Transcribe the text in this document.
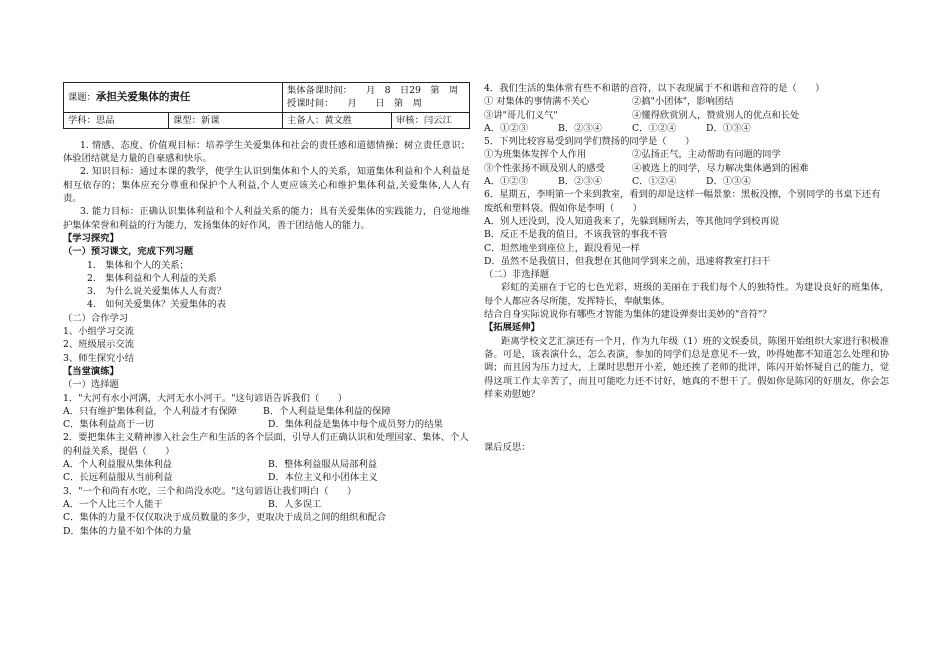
课题：承担关爱集体的责任		集体备课时间：　　月　8　日29　第　周
授课时间：　　月　　日　第　周	

学科：思品	课型：新课	主备人：黄文胜	审核：闫云江

1. 情感、态度、价值观目标：培养学生关爱集体和社会的责任感和道德情操；树立责任意识；体验团结就是力量的自豪感和快乐。

2. 知识目标：通过本课的教学，使学生认识到集体和个人的关系，知道集体利益和个人利益是相互依存的；集体应充分尊重和保护个人利益,个人更应该关心和维护集体利益,关爱集体,人人有责。

3. 能力目标：正确认识集体利益和个人利益关系的能力；具有关爱集体的实践能力，自觉地维护集体荣誉和利益的行为能力，发扬集体的好作风，善于团结他人的能力。

【学习探究】

（一）预习课文，完成下列习题

1.　集体和个人的关系；

2.　集体利益和个人利益的关系

3.　为什么说关爱集体人人有责？

4.　如何关爱集体？关爱集体的表

（二）合作学习

1、小组学习交流

2、班级展示交流

3、师生探究小结

【当堂演练】

（一）选择题

1．"大河有水小河满，大河无水小河干。"这句谚语告诉我们（　　）

A．只有维护集体利益，个人利益才有保障	B．个人利益是集体利益的保障
C．集体利益高于一切	D．集体利益是集体中每个成员努力的结果

2．要把集体主义精神渗入社会生产和生活的各个层面，引导人们正确认识和处理国家、集体、个人的利益关系，提倡（　　）

A．个人利益服从集体利益	B．整体利益服从局部利益
C．长远利益服从当前利益	D．本位主义和小团体主义

3．"一个和尚有水吃，三个和尚没水吃。"这句谚语让我们明白（　　）

A．一个人比三个人能干	B．人多误工

C．集体的力量不仅仅取决于成员数量的多少，更取决于成员之间的组织和配合

D．集体的力量不如个体的力量

4．我们生活的集体常有些不和谐的音符，以下表现属于不和谐和音符的是（　　）

① 对集体的事情满不关心	②搞"小团体"，影响团结
③讲"哥儿们义气"	④懂得欣赏别人，赞赏别人的优点和长处
A．①②③	B．②③④	C．①②④	D．①③④

5．下列比较容易受到同学们赞扬的同学是（　　）

①为班集体发挥个人作用	②弘扬正气，主动帮助有问题的同学
③个性张扬不顾及别人的感受	④被选上的同学，尽力解决集体遇到的困难
A．①②③	B．②③④	C．①②④	D．①③④

6．星期五，李明第一个来到教室，看到的却是这样一幅景象：黑板没擦，个别同学的书桌下还有废纸和塑料袋。假如你是李明（　　）

A．别人还没到，没人知道我来了，先躲到厕所去，等其他同学到校再说

B．反正不是我的值日，不该我管的事我不管

C．坦然地坐到座位上，跟没看见一样

D．虽然不是我值日，但我想在其他同学到来之前，迅速将教室打扫干

（二）非选择题

彩虹的美丽在于它的七色光彩，班级的美丽在于我们每个人的独特性。为建设良好的班集体，每个人都应各尽所能，发挥特长，奉献集体。

结合自身实际说说你有哪些才智能为集体的建设弹奏出美妙的"音符"？

【拓展延伸】

距离学校文艺汇演还有一个月，作为九年级（1）班的文娱委员，陈图开始组织大家进行积极准备。可是，该表演什么，怎么表演，参加的同学们总是意见不一致，吵得她都不知道怎么处理和协调；而且因为压力过大，上课时思想开小差，她还挨了老师的批评，陈闪开始怀疑自己的能力，觉得这项工作太辛苦了，而且可能吃力还不讨好，她真的不想干了。假如你是陈冈的好朋友，你会怎样来劝慰她？

课后反思：
